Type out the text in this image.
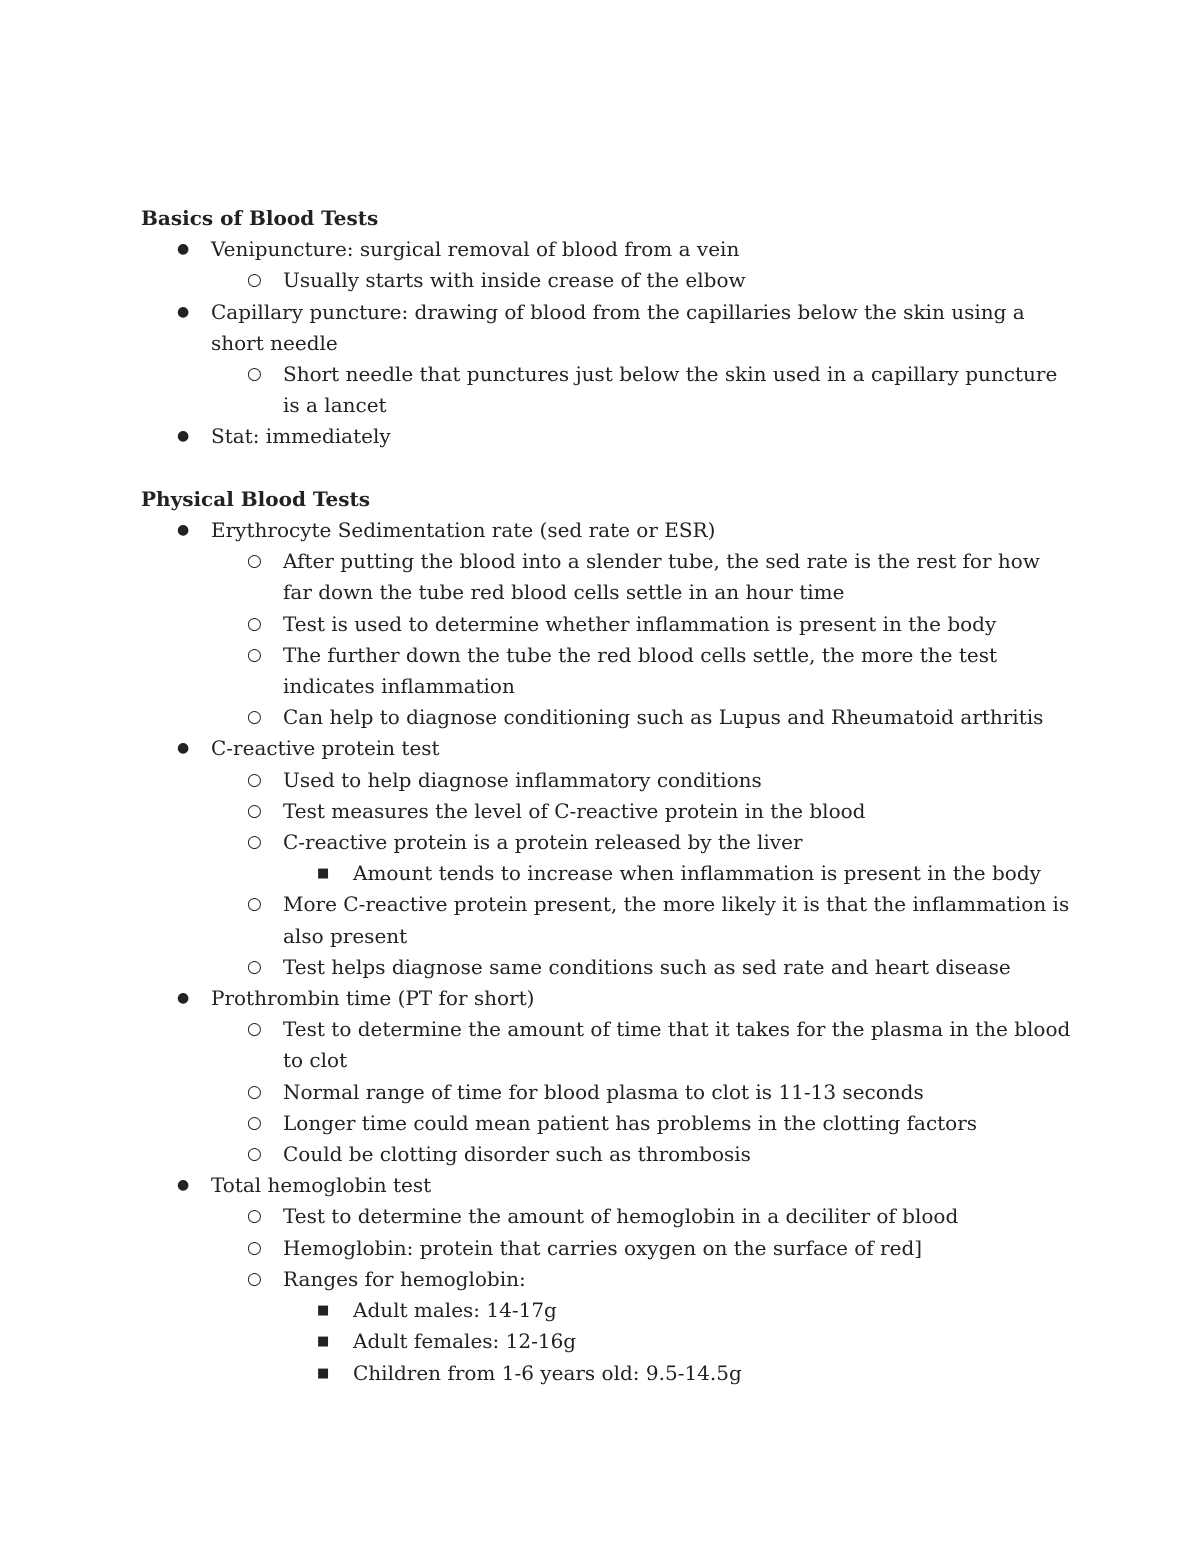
Basics of Blood Tests
● Venipuncture: surgical removal of blood from a vein
○ Usually starts with inside crease of the elbow
● Capillary puncture: drawing of blood from the capillaries below the skin using a short needle
○ Short needle that punctures just below the skin used in a capillary puncture is a lancet
● Stat: immediately
Physical Blood Tests
● Erythrocyte Sedimentation rate (sed rate or ESR)
○ After putting the blood into a slender tube, the sed rate is the rest for how far down the tube red blood cells settle in an hour time
○ Test is used to determine whether inflammation is present in the body
○ The further down the tube the red blood cells settle, the more the test indicates inflammation
○ Can help to diagnose conditioning such as Lupus and Rheumatoid arthritis
● C-reactive protein test
○ Used to help diagnose inflammatory conditions
○ Test measures the level of C-reactive protein in the blood
○ C-reactive protein is a protein released by the liver
■ Amount tends to increase when inflammation is present in the body
○ More C-reactive protein present, the more likely it is that the inflammation is also present
○ Test helps diagnose same conditions such as sed rate and heart disease
● Prothrombin time (PT for short)
○ Test to determine the amount of time that it takes for the plasma in the blood to clot
○ Normal range of time for blood plasma to clot is 11-13 seconds
○ Longer time could mean patient has problems in the clotting factors
○ Could be clotting disorder such as thrombosis
● Total hemoglobin test
○ Test to determine the amount of hemoglobin in a deciliter of blood
○ Hemoglobin: protein that carries oxygen on the surface of red]
○ Ranges for hemoglobin:
■ Adult males: 14-17g
■ Adult females: 12-16g
■ Children from 1-6 years old: 9.5-14.5g
